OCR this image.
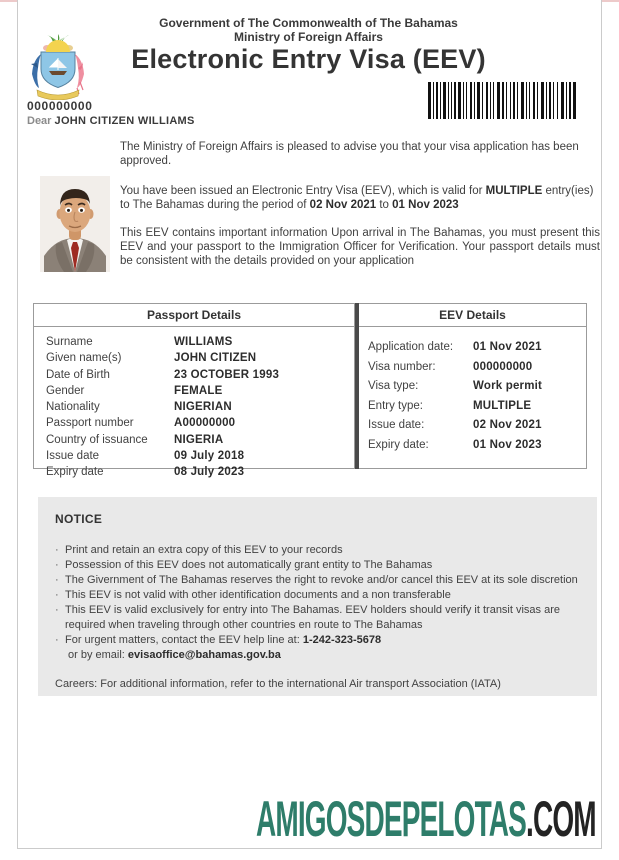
Government of The Commonwealth of The Bahamas
Ministry of Foreign Affairs
Electronic Entry Visa (EEV)
000000000
Dear JOHN CITIZEN WILLIAMS
The Ministry of Foreign Affairs is pleased to advise you that your visa application has been approved.
You have been issued an Electronic Entry Visa (EEV), which is valid for MULTIPLE entry(ies) to The Bahamas during the period of 02 Nov 2021 to 01 Nov 2023
This EEV contains important information Upon arrival in The Bahamas, you must present this EEV and your passport to the Immigration Officer for Verification. Your passport details must be consistent with the details provided on your application
Passport Details
Surname	WILLIAMS
Given name(s)	JOHN CITIZEN
Date of Birth	23 OCTOBER 1993
Gender	FEMALE
Nationality	NIGERIAN
Passport number	A00000000
Country of issuance NIGERIA
Issue date	09 July 2018
Expiry date	08 July 2023
EEV Details
Application date: 01 Nov 2021
Visa number:	000000000
Visa type:	Work permit
Entry type:	MULTIPLE
Issue date:	02 Nov 2021
Expiry date:	01 Nov 2023
NOTICE
· Print and retain an extra copy of this EEV to your records
· Possession of this EEV does not automatically grant entity to The Bahamas
· The Givernment of The Bahamas reserves the right to revoke and/or cancel this EEV at its sole discretion
· This EEV is not valid with other identification documents and a non transferable
· This EEV is valid exclusively for entry into The Bahamas. EEV holders should verify it transit visas are required when traveling through other countries en route to The Bahamas
· For urgent matters, contact the EEV help line at: 1-242-323-5678
or by email: evisaoffice@bahamas.gov.ba
Careers: For additional information, refer to the international Air transport Association (IATA)
AMIGOSDEPELOTAS.COM
